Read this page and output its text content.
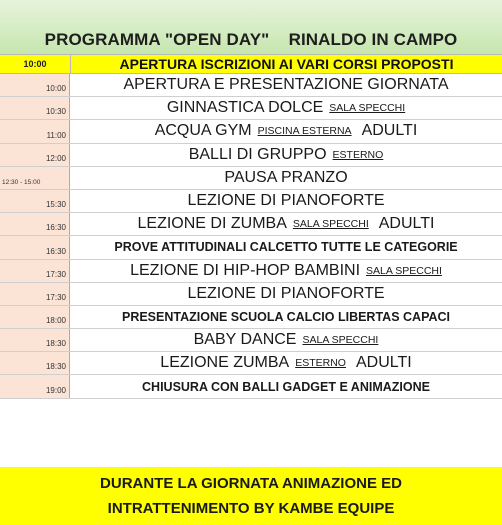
PROGRAMMA "OPEN DAY"    RINALDO IN CAMPO
10:00	APERTURA ISCRIZIONI AI VARI CORSI PROPOSTI
10:00	APERTURA E PRESENTAZIONE GIORNATA
10:30	GINNASTICA DOLCE SALA SPECCHI
11:00	ACQUA GYM PISCINA ESTERNA ADULTI
12:00	BALLI DI GRUPPO ESTERNO
12:30 - 15:00	PAUSA PRANZO
15:30	LEZIONE DI PIANOFORTE
16:30	LEZIONE DI ZUMBA SALA SPECCHI ADULTI
16:30	PROVE ATTITUDINALI CALCETTO TUTTE LE CATEGORIE
17:30	LEZIONE DI HIP-HOP BAMBINI SALA SPECCHI
17:30	LEZIONE DI PIANOFORTE
18:00	PRESENTAZIONE SCUOLA CALCIO LIBERTAS CAPACI
18:30	BABY DANCE SALA SPECCHI
18:30	LEZIONE ZUMBA ESTERNO ADULTI
19:00	CHIUSURA CON BALLI GADGET E ANIMAZIONE
DURANTE LA GIORNATA ANIMAZIONE ED
INTRATTENIMENTO BY KAMBE EQUIPE
